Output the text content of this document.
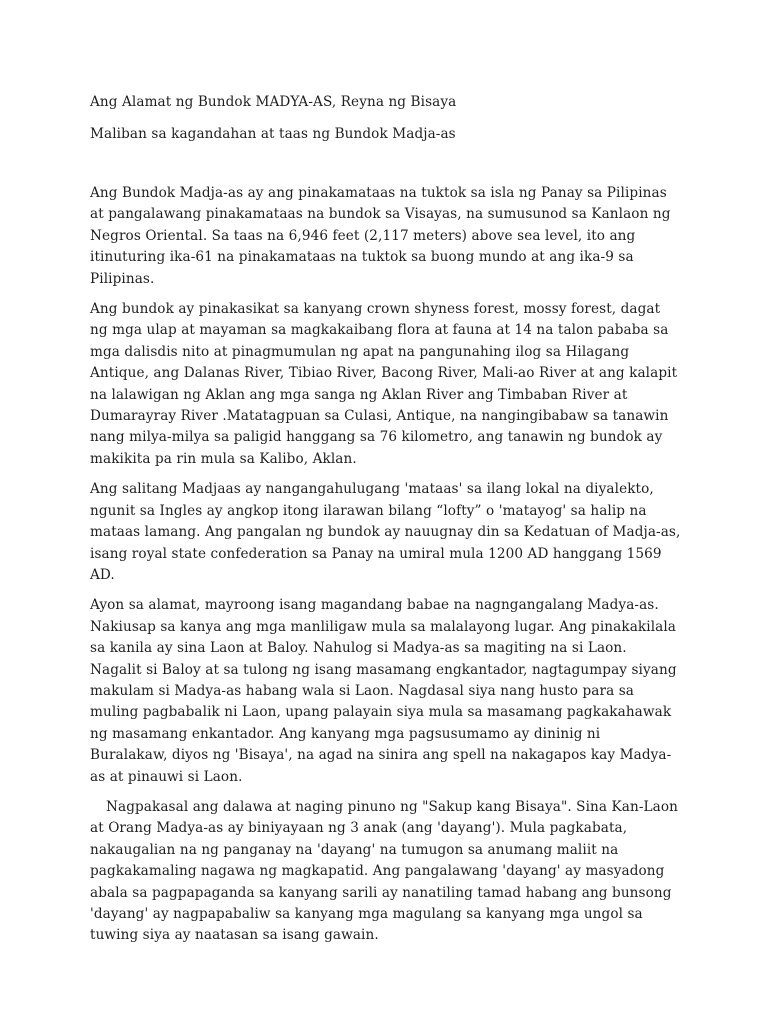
Ang Alamat ng Bundok MADYA-AS, Reyna ng Bisaya

Maliban sa kagandahan at taas ng Bundok Madja-as

Ang Bundok Madja-as ay ang pinakamataas na tuktok sa isla ng Panay sa Pilipinas at pangalawang pinakamataas na bundok sa Visayas, na sumusunod sa Kanlaon ng Negros Oriental. Sa taas na 6,946 feet (2,117 meters) above sea level, ito ang itinuturing ika-61 na pinakamataas na tuktok sa buong mundo at ang ika-9 sa Pilipinas.

Ang bundok ay pinakasikat sa kanyang crown shyness forest, mossy forest, dagat ng mga ulap at mayaman sa magkakaibang flora at fauna at 14 na talon pababa sa mga dalisdis nito at pinagmumulan ng apat na pangunahing ilog sa Hilagang Antique, ang Dalanas River, Tibiao River, Bacong River, Mali-ao River at ang kalapit na lalawigan ng Aklan ang mga sanga ng Aklan River ang Timbaban River at Dumarayray River .Matatagpuan sa Culasi, Antique, na nangingibabaw sa tanawin nang milya-milya sa paligid hanggang sa 76 kilometro, ang tanawin ng bundok ay makikita pa rin mula sa Kalibo, Aklan.

Ang salitang Madjaas ay nangangahulugang 'mataas' sa ilang lokal na diyalekto, ngunit sa Ingles ay angkop itong ilarawan bilang “lofty” o 'matayog' sa halip na mataas lamang. Ang pangalan ng bundok ay nauugnay din sa Kedatuan of Madja-as, isang royal state confederation sa Panay na umiral mula 1200 AD hanggang 1569 AD.

Ayon sa alamat, mayroong isang magandang babae na nagngangalang Madya-as. Nakiusap sa kanya ang mga manliligaw mula sa malalayong lugar. Ang pinakakilala sa kanila ay sina Laon at Baloy. Nahulog si Madya-as sa magiting na si Laon. Nagalit si Baloy at sa tulong ng isang masamang engkantador, nagtagumpay siyang makulam si Madya-as habang wala si Laon. Nagdasal siya nang husto para sa muling pagbabalik ni Laon, upang palayain siya mula sa masamang pagkakahawak ng masamang enkantador. Ang kanyang mga pagsusumamo ay dininig ni Buralakaw, diyos ng 'Bisaya', na agad na sinira ang spell na nakagapos kay Madya-as at pinauwi si Laon.

Nagpakasal ang dalawa at naging pinuno ng "Sakup kang Bisaya". Sina Kan-Laon at Orang Madya-as ay biniyayaan ng 3 anak (ang 'dayang'). Mula pagkabata, nakaugalian na ng panganay na 'dayang' na tumugon sa anumang maliit na pagkakamaling nagawa ng magkapatid. Ang pangalawang 'dayang' ay masyadong abala sa pagpapaganda sa kanyang sarili ay nanatiling tamad habang ang bunsong 'dayang' ay nagpapabaliw sa kanyang mga magulang sa kanyang mga ungol sa tuwing siya ay naatasan sa isang gawain.
